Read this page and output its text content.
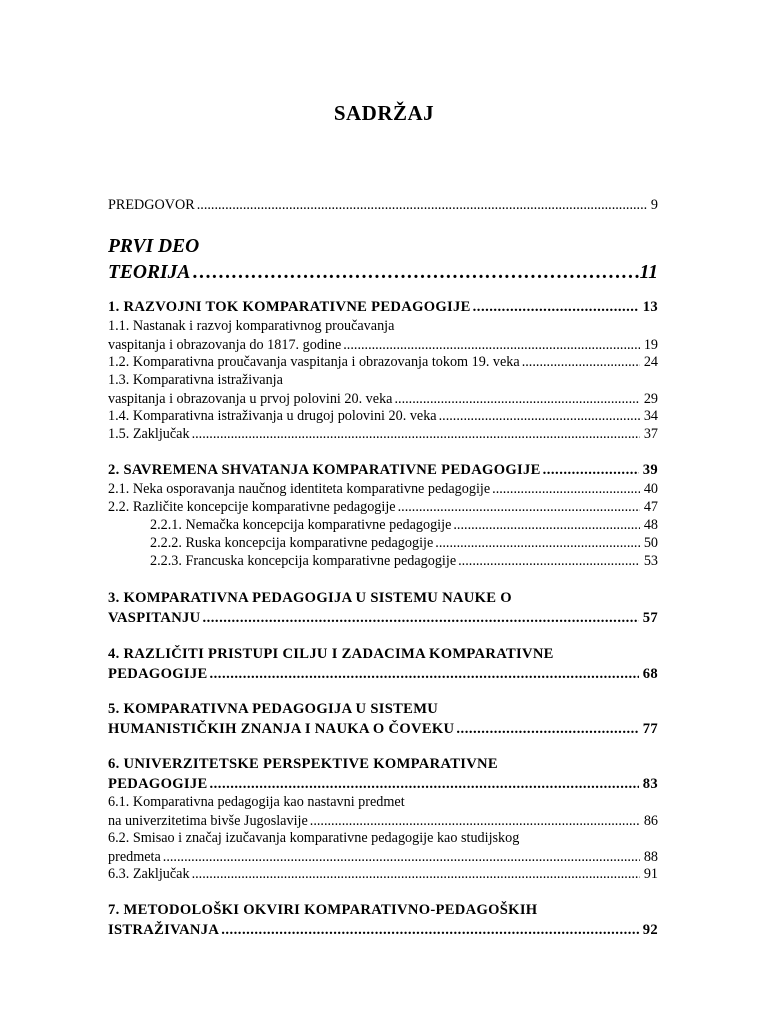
SADRŽAJ
PREDGOVOR .....	9
PRVI DEO
TEORIJA ……………………………………………………………………………………………………………………………………………	11
1. RAZVOJNI TOK KOMPARATIVNE PEDAGOGIJE .....	13
1.1. Nastanak i razvoj komparativnog proučavanja
vaspitanja i obrazovanja do 1817. godine .....	19
1.2. Komparativna proučavanja vaspitanja i obrazovanja tokom 19. veka .....	24
1.3. Komparativna istraživanja
vaspitanja i obrazovanja u prvoj polovini 20. veka .....	29
1.4. Komparativna istraživanja u drugoj polovini 20. veka .....	34
1.5. Zaključak .....	37
2. SAVREMENA SHVATANJA KOMPARATIVNE PEDAGOGIJE .....	39
2.1. Neka osporavanja naučnog identiteta komparativne pedagogije .....	40
2.2. Različite koncepcije komparativne pedagogije .....	47
2.2.1. Nemačka koncepcija komparativne pedagogije .....	48
2.2.2. Ruska koncepcija komparativne pedagogije .....	50
2.2.3. Francuska koncepcija komparativne pedagogije .....	53
3. KOMPARATIVNA PEDAGOGIJA U SISTEMU NAUKE O
VASPITANJU .....	57
4. RAZLIČITI PRISTUPI CILJU I ZADACIMA KOMPARATIVNE
PEDAGOGIJE .....	68
5. KOMPARATIVNA PEDAGOGIJA U SISTEMU
HUMANISTIČKIH ZNANJA I NAUKA O ČOVEKU .....	77
6. UNIVERZITETSKE PERSPEKTIVE KOMPARATIVNE
PEDAGOGIJE .....	83
6.1. Komparativna pedagogija kao nastavni predmet
na univerzitetima bivše Jugoslavije .....	86
6.2. Smisao i značaj izučavanja komparativne pedagogije kao studijskog
predmeta .....	88
6.3. Zaključak .....	91
7. METODOLOŠKI OKVIRI KOMPARATIVNO-PEDAGOŠKIH
ISTRAŽIVANJA .....	92
